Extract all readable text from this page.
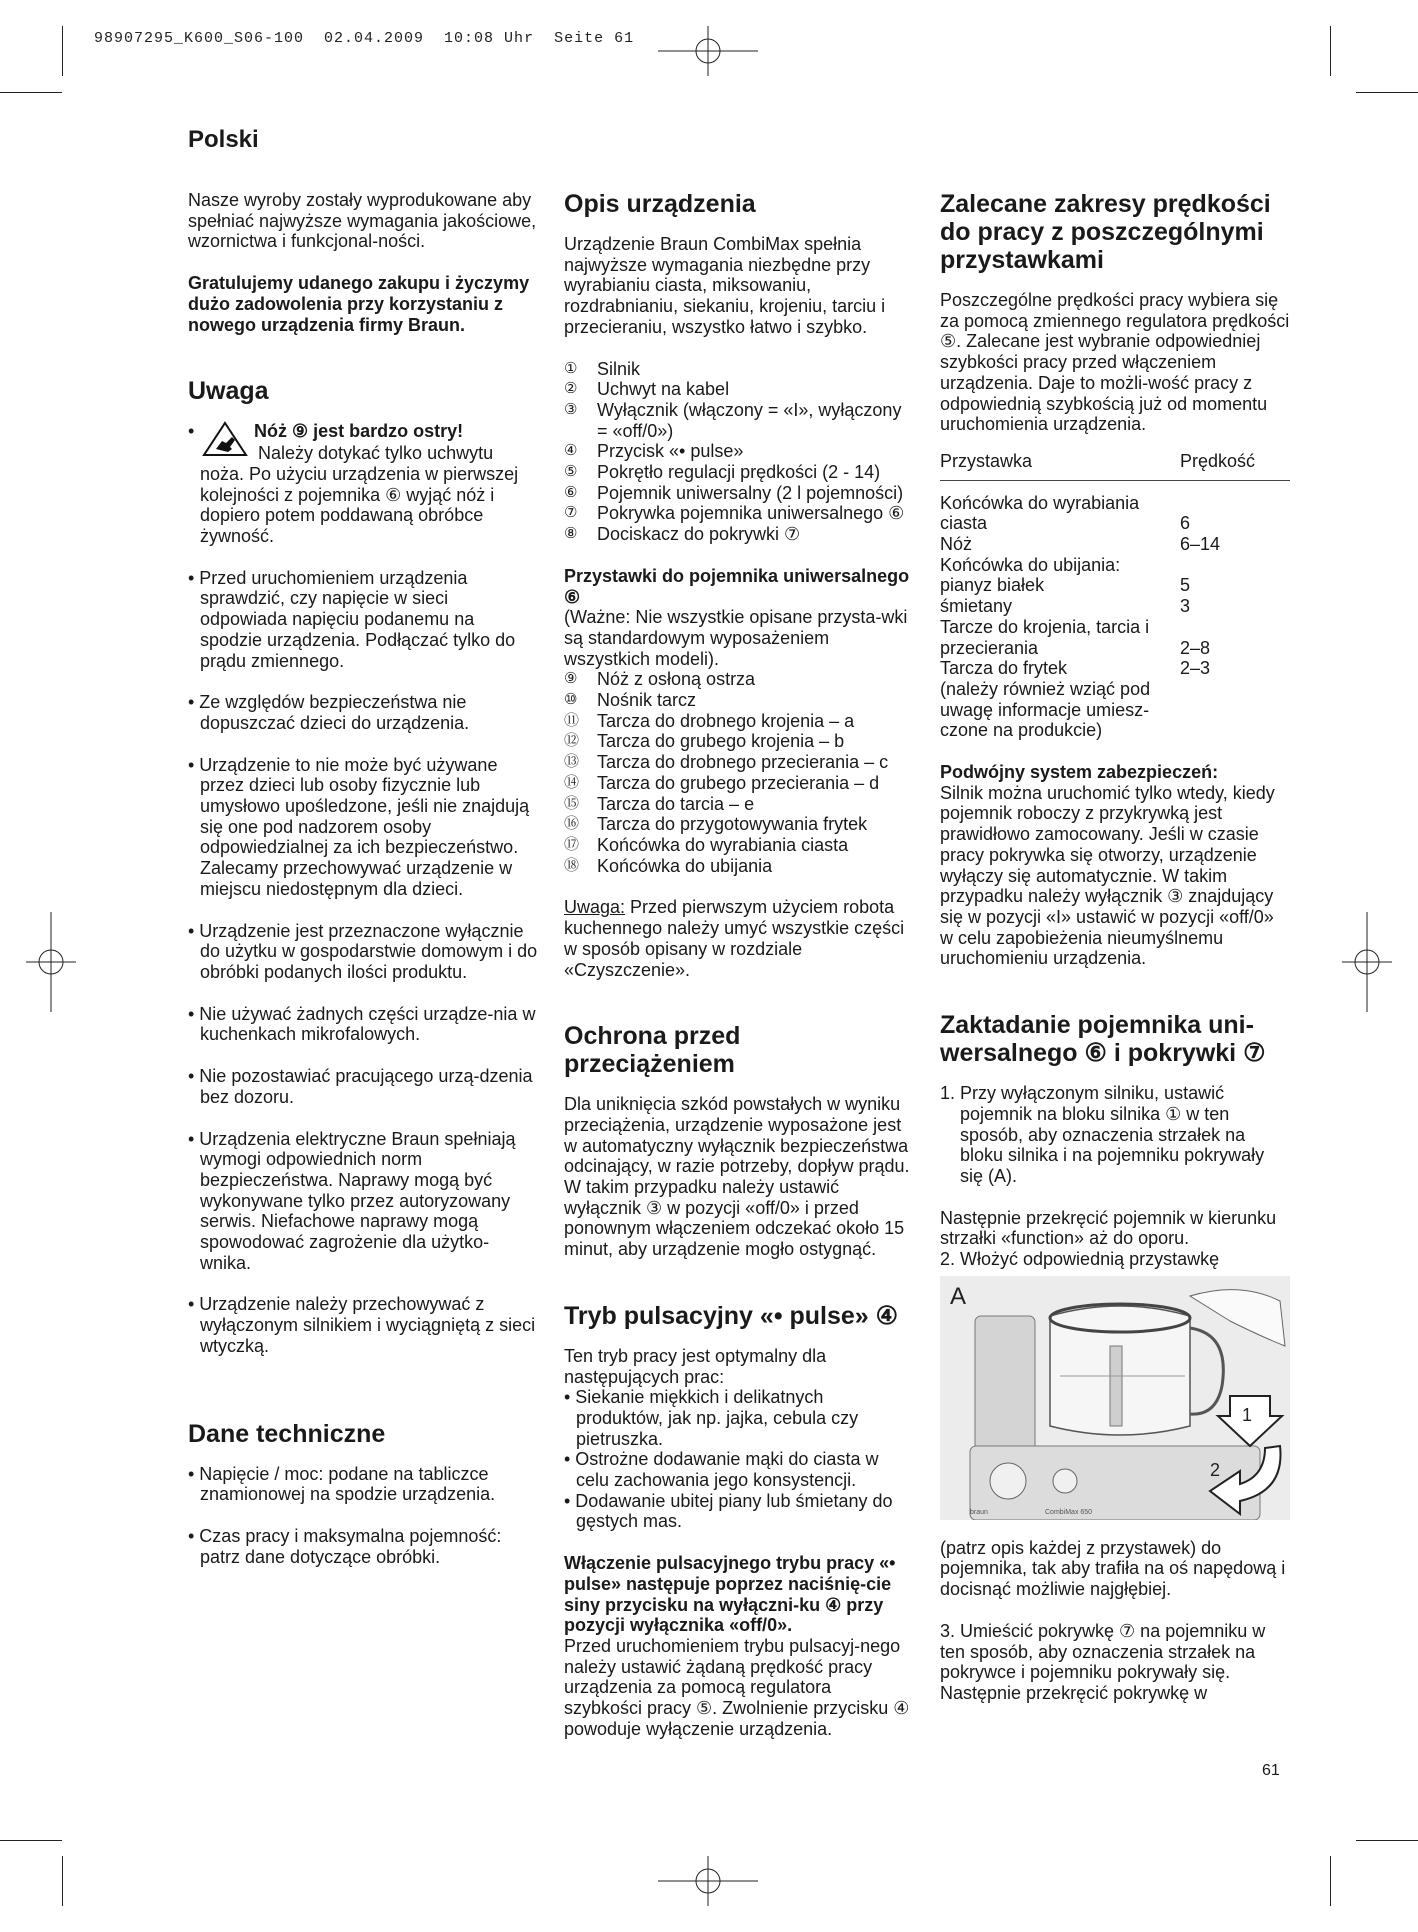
98907295_K600_S06-100  02.04.2009  10:08 Uhr  Seite 61
Polski

Nasze wyroby zostały wyprodukowane aby spełniać najwyższe wymagania jakościowe, wzornictwa i funkcjonal-ności.

Gratulujemy udanego zakupu i życzymy dużo zadowolenia przy korzystaniu z nowego urządzenia firmy Braun.

Uwaga
•	Nóż ⑨ jest bardzo ostry!

Należy dotykać tylko uchwytu noża. Po użyciu urządzenia w pierwszej kolejności z pojemnika ⑥ wyjąć nóż i dopiero potem poddawaną obróbce żywność.

• Przed uruchomieniem urządzenia sprawdzić, czy napięcie w sieci odpowiada napięciu podanemu na spodzie urządzenia. Podłączać tylko do prądu zmiennego.
• Ze względów bezpieczeństwa nie dopuszczać dzieci do urządzenia.
• Urządzenie to nie może być używane przez dzieci lub osoby fizycznie lub umysłowo upośledzone, jeśli nie znajdują się one pod nadzorem osoby odpowiedzialnej za ich bezpieczeństwo. Zalecamy przechowywać urządzenie w miejscu niedostępnym dla dzieci.
• Urządzenie jest przeznaczone wyłącznie do użytku w gospodarstwie domowym i do obróbki podanych ilości produktu.
• Nie używać żadnych części urządze-nia w kuchenkach mikrofalowych.
• Nie pozostawiać pracującego urzą-dzenia bez dozoru.
• Urządzenia elektryczne Braun spełniają wymogi odpowiednich norm bezpieczeństwa. Naprawy mogą być wykonywane tylko przez autoryzowany serwis. Niefachowe naprawy mogą spowodować zagrożenie dla użytko-wnika.
• Urządzenie należy przechowywać z wyłączonym silnikiem i wyciągniętą z sieci wtyczką.
Dane techniczne
• Napięcie / moc: podane na tabliczce znamionowej na spodzie urządzenia.
• Czas pracy i maksymalna pojemność: patrz dane dotyczące obróbki.
Opis urządzenia

Urządzenie Braun CombiMax spełnia najwyższe wymagania niezbędne przy wyrabianiu ciasta, miksowaniu, rozdrabnianiu, siekaniu, krojeniu, tarciu i przecieraniu, wszystko łatwo i szybko.

①	Silnik
②	Uchwyt na kabel
③	Wyłącznik (włączony = «I», wyłączony = «off/0»)
④	Przycisk «• pulse»
⑤	Pokrętło regulacji prędkości (2 - 14)
⑥	Pojemnik uniwersalny (2 l pojemności)
⑦	Pokrywka pojemnika uniwersalnego ⑥
⑧	Dociskacz do pokrywki ⑦

Przystawki do pojemnika uniwersalnego ⑥

(Ważne: Nie wszystkie opisane przysta-wki są standardowym wyposażeniem wszystkich modeli).

⑨	Nóż z osłoną ostrza
⑩	Nośnik tarcz
⑪ Tarcza do drobnego krojenia – a
⑫ Tarcza do grubego krojenia – b
⑬ Tarcza do drobnego przecierania – c
⑭ Tarcza do grubego przecierania – d
⑮ Tarcza do tarcia – e
⑯ Tarcza do przygotowywania frytek
⑰ Końcówka do wyrabiania ciasta
⑱ Końcówka do ubijania

Uwaga: Przed pierwszym użyciem robota kuchennego należy umyć wszystkie części w sposób opisany w rozdziale «Czyszczenie».

Ochrona przed przeciążeniem

Dla uniknięcia szkód powstałych w wyniku przeciążenia, urządzenie wyposażone jest w automatyczny wyłącznik bezpieczeństwa odcinający, w razie potrzeby, dopływ prądu. W takim przypadku należy ustawić wyłącznik ③ w pozycji «off/0» i przed ponownym włączeniem odczekać około 15 minut, aby urządzenie mogło ostygnąć.

Tryb pulsacyjny «• pulse» ④

Ten tryb pracy jest optymalny dla następujących prac:

• Siekanie miękkich i delikatnych produktów, jak np. jajka, cebula czy pietruszka.
• Ostrożne dodawanie mąki do ciasta w celu zachowania jego konsystencji.
• Dodawanie ubitej piany lub śmietany do gęstych mas.

Włączenie pulsacyjnego trybu pracy «• pulse» następuje poprzez naciśnię-cie siny przycisku na wyłączni-ku ④ przy pozycji wyłącznika «off/0».

Przed uruchomieniem trybu pulsacyj-nego należy ustawić żądaną prędkość pracy urządzenia za pomocą regulatora szybkości pracy ⑤. Zwolnienie przycisku ④ powoduje wyłączenie urządzenia.

Zalecane zakresy prędkości do pracy z poszczególnymi przystawkami

Poszczególne prędkości pracy wybiera się za pomocą zmiennego regulatora prędkości ⑤. Zalecane jest wybranie odpowiedniej szybkości pracy przed włączeniem urządzenia. Daje to możli-wość pracy z odpowiednią szybkością już od momentu uruchomienia urządzenia.

Przystawka	Prędkość
Końcówka do wyrabiania	
ciasta	6
Nóż	6–14
Końcówka do ubijania:	
pianyz białek	5
śmietany	3
Tarcze do krojenia, tarcia i	
przecierania	2–8
Tarcza do frytek	2–3
(należy również wziąć pod	
uwagę informacje umiesz-	
czone na produkcie)	

Podwójny system zabezpieczeń:

Silnik można uruchomić tylko wtedy, kiedy pojemnik roboczy z przykrywką jest prawidłowo zamocowany. Jeśli w czasie pracy pokrywka się otworzy, urządzenie wyłączy się automatycznie. W takim przypadku należy wyłącznik ③ znajdujący się w pozycji «I» ustawić w pozycji «off/0» w celu zapobieżenia nieumyślnemu uruchomieniu urządzenia.

Zaktadanie pojemnika uni-wersalnego ⑥ i pokrywki ⑦

1. Przy wyłączonym silniku, ustawić pojemnik na bloku silnika ① w ten sposób, aby oznaczenia strzałek na bloku silnika i na pojemniku pokrywały się (A).

Następnie przekręcić pojemnik w kierunku strzałki «function» aż do oporu.

2. Włożyć odpowiednią przystawkę

A
braun	CombiMax 650
1
2

(patrz opis każdej z przystawek) do pojemnika, tak aby trafiła na oś napędową i docisnąć możliwie najgłębiej.

3. Umieścić pokrywkę ⑦ na pojemniku w ten sposób, aby oznaczenia strzałek na pokrywce i pojemniku pokrywały się. Następnie przekręcić pokrywkę w

61
